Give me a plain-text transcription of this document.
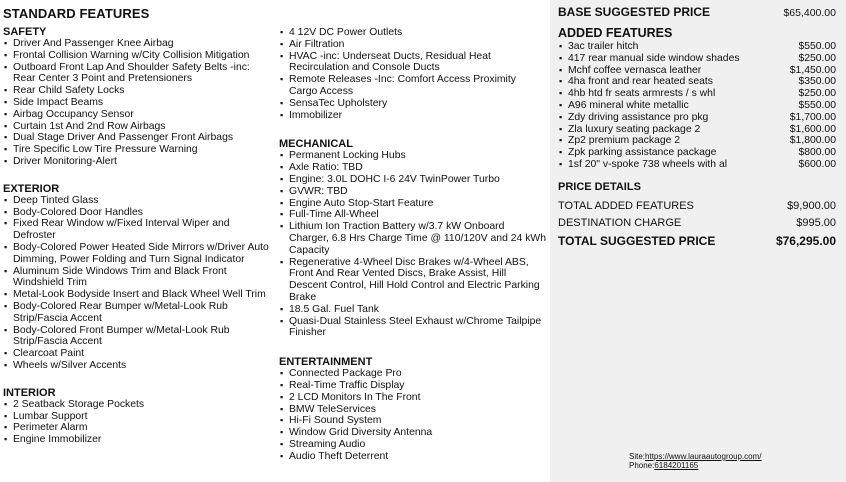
STANDARD FEATURES
SAFETY
▪ Driver And Passenger Knee Airbag
▪ Frontal Collision Warning w/City Collision Mitigation
▪ Outboard Front Lap And Shoulder Safety Belts -inc: Rear Center 3 Point and Pretensioners
▪ Rear Child Safety Locks
▪ Side Impact Beams
▪ Airbag Occupancy Sensor
▪ Curtain 1st And 2nd Row Airbags
▪ Dual Stage Driver And Passenger Front Airbags
▪ Tire Specific Low Tire Pressure Warning
▪ Driver Monitoring-Alert
EXTERIOR
▪ Deep Tinted Glass
▪ Body-Colored Door Handles
▪ Fixed Rear Window w/Fixed Interval Wiper and Defroster
▪ Body-Colored Power Heated Side Mirrors w/Driver Auto Dimming, Power Folding and Turn Signal Indicator
▪ Aluminum Side Windows Trim and Black Front Windshield Trim
▪ Metal-Look Bodyside Insert and Black Wheel Well Trim
▪ Body-Colored Rear Bumper w/Metal-Look Rub Strip/Fascia Accent
▪ Body-Colored Front Bumper w/Metal-Look Rub Strip/Fascia Accent
▪ Clearcoat Paint
▪ Wheels w/Silver Accents
INTERIOR
▪ 2 Seatback Storage Pockets
▪ Lumbar Support
▪ Perimeter Alarm
▪ Engine Immobilizer
▪ 4 12V DC Power Outlets
▪ Air Filtration
▪ HVAC -inc: Underseat Ducts, Residual Heat Recirculation and Console Ducts
▪ Remote Releases -Inc: Comfort Access Proximity Cargo Access
▪ SensaTec Upholstery
▪ Immobilizer
MECHANICAL
▪ Permanent Locking Hubs
▪ Axle Ratio: TBD
▪ Engine: 3.0L DOHC I-6 24V TwinPower Turbo
▪ GVWR: TBD
▪ Engine Auto Stop-Start Feature
▪ Full-Time All-Wheel
▪ Lithium Ion Traction Battery w/3.7 kW Onboard Charger, 6.8 Hrs Charge Time @ 110/120V and 24 kWh Capacity
▪ Regenerative 4-Wheel Disc Brakes w/4-Wheel ABS, Front And Rear Vented Discs, Brake Assist, Hill Descent Control, Hill Hold Control and Electric Parking Brake
▪ 18.5 Gal. Fuel Tank
▪ Quasi-Dual Stainless Steel Exhaust w/Chrome Tailpipe Finisher
ENTERTAINMENT
▪ Connected Package Pro
▪ Real-Time Traffic Display
▪ 2 LCD Monitors In The Front
▪ BMW TeleServices
▪ Hi-Fi Sound System
▪ Window Grid Diversity Antenna
▪ Streaming Audio
▪ Audio Theft Deterrent
BASE SUGGESTED PRICE	$65,400.00
ADDED FEATURES
▪ 3ac trailer hitch	$550.00
▪ 417 rear manual side window shades	$250.00
▪ Mchf coffee vernasca leather	$1,450.00
▪ 4ha front and rear heated seats	$350.00
▪ 4hb htd fr seats armrests / s whl	$250.00
▪ A96 mineral white metallic	$550.00
▪ Zdy driving assistance pro pkg	$1,700.00
▪ Zla luxury seating package 2	$1,600.00
▪ Zp2 premium package 2	$1,800.00
▪ Zpk parking assistance package	$800.00
▪ 1sf 20" v-spoke 738 wheels with al	$600.00
PRICE DETAILS
TOTAL ADDED FEATURES	$9,900.00
DESTINATION CHARGE	$995.00
TOTAL SUGGESTED PRICE	$76,295.00
Site:https://www.lauraautogroup.com/
Phone:6184201165
